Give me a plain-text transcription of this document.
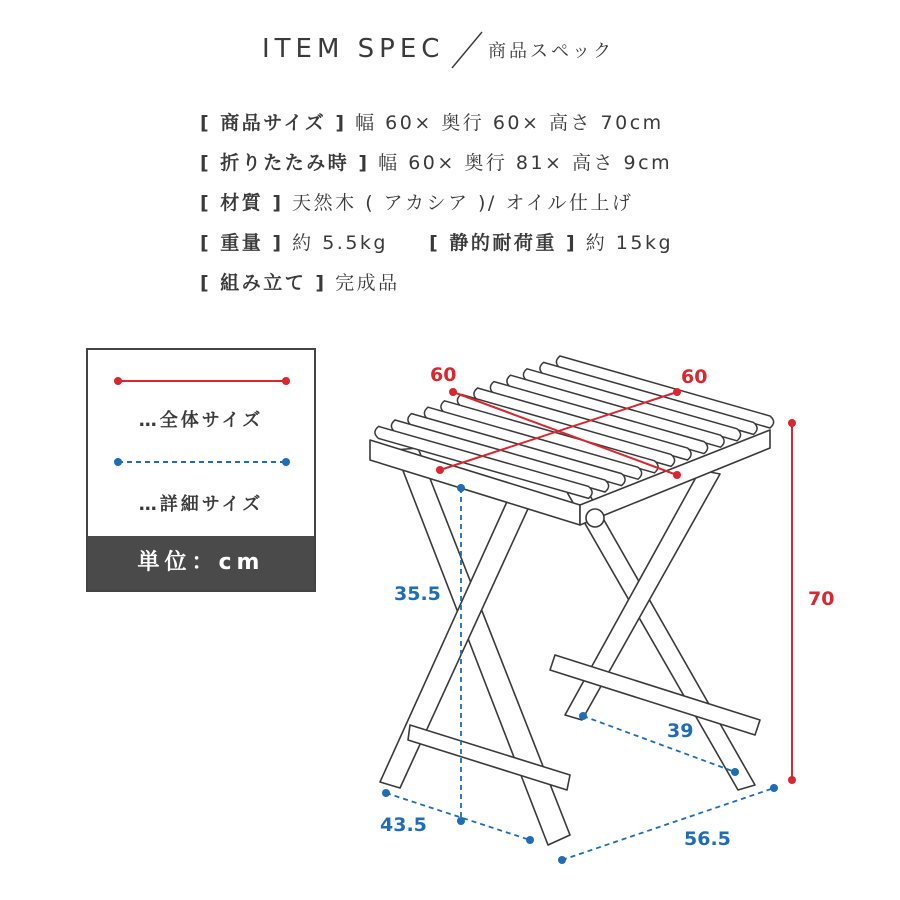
ITEM SPEC 商品スペック
[ 商品サイズ ] 幅 60× 奥行 60× 高さ 70cm
[ 折りたたみ時 ] 幅 60× 奥行 81× 高さ 9cm
[ 材質 ] 天然木 ( アカシア )/ オイル仕上げ
[ 重量 ] 約 5.5kg [ 静的耐荷重 ] 約 15kg
[ 組み立て ] 完成品
…全体サイズ
…詳細サイズ
単位：cm
60	60
70
35.5
43.5
56.5
39
